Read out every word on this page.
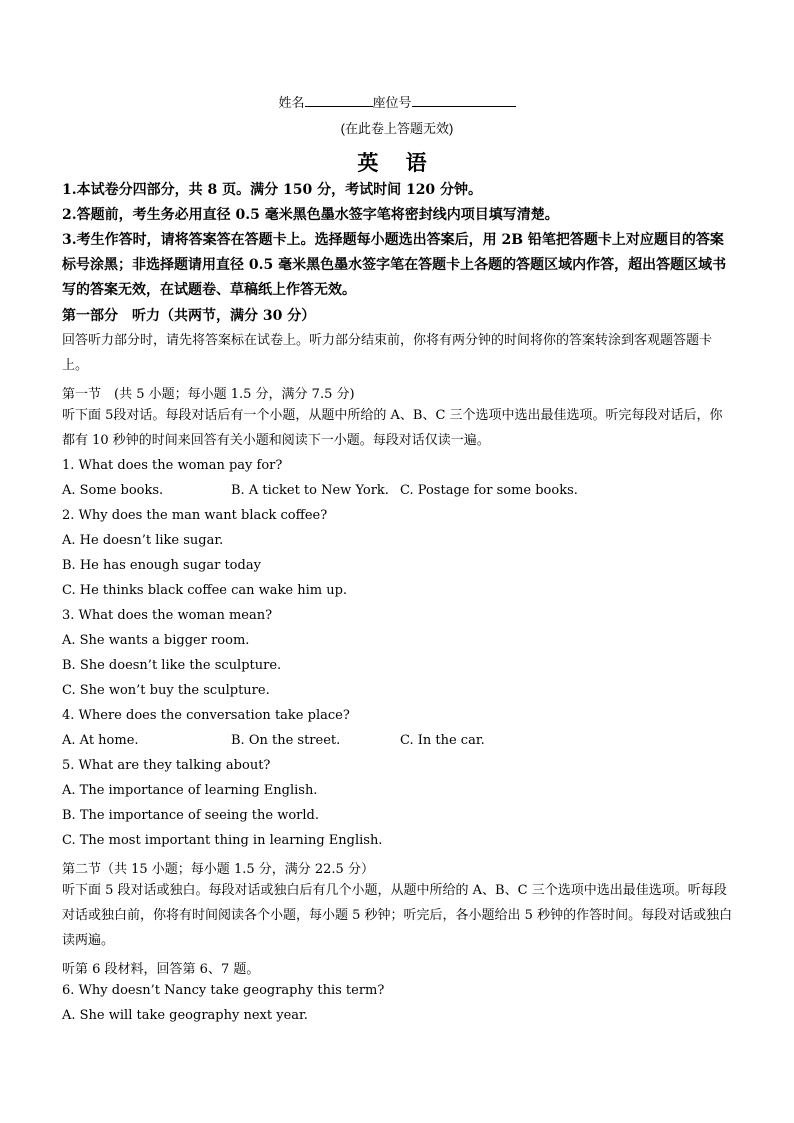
姓名	座位号
(在此卷上答题无效)
英 语
1.本试卷分四部分，共 8 页。满分 150 分，考试时间 120 分钟。
2.答题前，考生务必用直径 0.5 毫米黑色墨水签字笔将密封线内项目填写清楚。
3.考生作答时，请将答案答在答题卡上。选择题每小题选出答案后，用 2B 铅笔把答题卡上对应题目的答案标号涂黑；非选择题请用直径 0.5 毫米黑色墨水签字笔在答题卡上各题的答题区域内作答，超出答题区域书写的答案无效，在试题卷、草稿纸上作答无效。
第一部分　听力（共两节，满分 30 分）
回答听力部分时，请先将答案标在试卷上。听力部分结束前，你将有两分钟的时间将你的答案转涂到客观题答题卡上。
第一节　(共 5 小题；每小题 1.5 分，满分 7.5 分)
听下面 5段对话。每段对话后有一个小题，从题中所给的 A、B、C 三个选项中选出最佳选项。听完每段对话后，你都有 10 秒钟的时间来回答有关小题和阅读下一小题。每段对话仅读一遍。
1. What does the woman pay for?
A. Some books.	B. A ticket to New York. C. Postage for some books.
2. Why does the man want black coffee?
A. He doesn’t like sugar.
B. He has enough sugar today
C. He thinks black coffee can wake him up.
3. What does the woman mean?
A. She wants a bigger room.
B. She doesn’t like the sculpture.
C. She won’t buy the sculpture.
4. Where does the conversation take place?
A. At home.	B. On the street.	C. In the car.
5. What are they talking about?
A. The importance of learning English.
B. The importance of seeing the world.
C. The most important thing in learning English.
第二节（共 15 小题；每小题 1.5 分，满分 22.5 分）
听下面 5 段对话或独白。每段对话或独白后有几个小题，从题中所给的 A、B、C 三个选项中选出最佳选项。听每段对话或独白前，你将有时间阅读各个小题，每小题 5 秒钟；听完后，各小题给出 5 秒钟的作答时间。每段对话或独白读两遍。
听第 6 段材料，回答第 6、7 题。
6. Why doesn’t Nancy take geography this term?
A. She will take geography next year.
